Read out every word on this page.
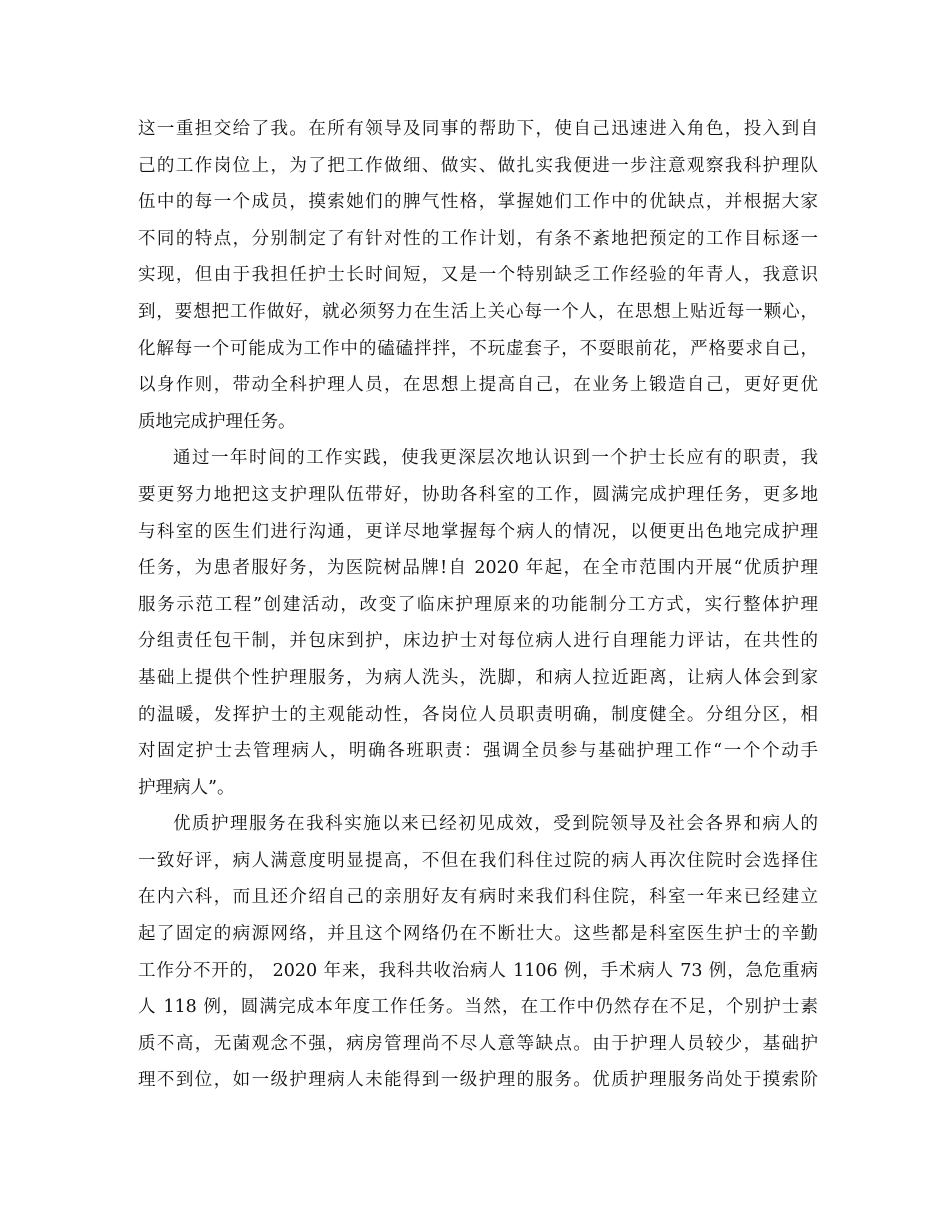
这一重担交给了我。在所有领导及同事的帮助下，使自己迅速进入角色，投入到自
己的工作岗位上，为了把工作做细、做实、做扎实我便进一步注意观察我科护理队
伍中的每一个成员，摸索她们的脾气性格，掌握她们工作中的优缺点，并根据大家
不同的特点，分别制定了有针对性的工作计划，有条不紊地把预定的工作目标逐一
实现，但由于我担任护士长时间短，又是一个特别缺乏工作经验的年青人，我意识
到，要想把工作做好，就必须努力在生活上关心每一个人，在思想上贴近每一颗心，
化解每一个可能成为工作中的磕磕拌拌，不玩虚套子，不耍眼前花，严格要求自己，
以身作则，带动全科护理人员，在思想上提高自己，在业务上锻造自己，更好更优
质地完成护理任务。
通过一年时间的工作实践，使我更深层次地认识到一个护士长应有的职责，我
要更努力地把这支护理队伍带好，协助各科室的工作，圆满完成护理任务，更多地
与科室的医生们进行沟通，更详尽地掌握每个病人的情况，以便更出色地完成护理
任务，为患者服好务，为医院树品牌!自 2020 年起，在全市范围内开展“优质护理
服务示范工程”创建活动，改变了临床护理原来的功能制分工方式，实行整体护理
分组责任包干制，并包床到护，床边护士对每位病人进行自理能力评诂，在共性的
基础上提供个性护理服务，为病人洗头，洗脚，和病人拉近距离，让病人体会到家
的温暖，发挥护士的主观能动性，各岗位人员职责明确，制度健全。分组分区，相
对固定护士去管理病人，明确各班职责：强调全员参与基础护理工作“一个个动手
护理病人”。
优质护理服务在我科实施以来已经初见成效，受到院领导及社会各界和病人的
一致好评，病人满意度明显提高，不但在我们科住过院的病人再次住院时会选择住
在内六科，而且还介绍自己的亲朋好友有病时来我们科住院，科室一年来已经建立
起了固定的病源网络，并且这个网络仍在不断壮大。这些都是科室医生护士的辛勤
工作分不开的， 2020 年来，我科共收治病人 1106 例，手术病人 73 例，急危重病
人 118 例，圆满完成本年度工作任务。当然，在工作中仍然存在不足，个别护士素
质不高，无菌观念不强，病房管理尚不尽人意等缺点。由于护理人员较少，基础护
理不到位，如一级护理病人未能得到一级护理的服务。优质护理服务尚处于摸索阶
